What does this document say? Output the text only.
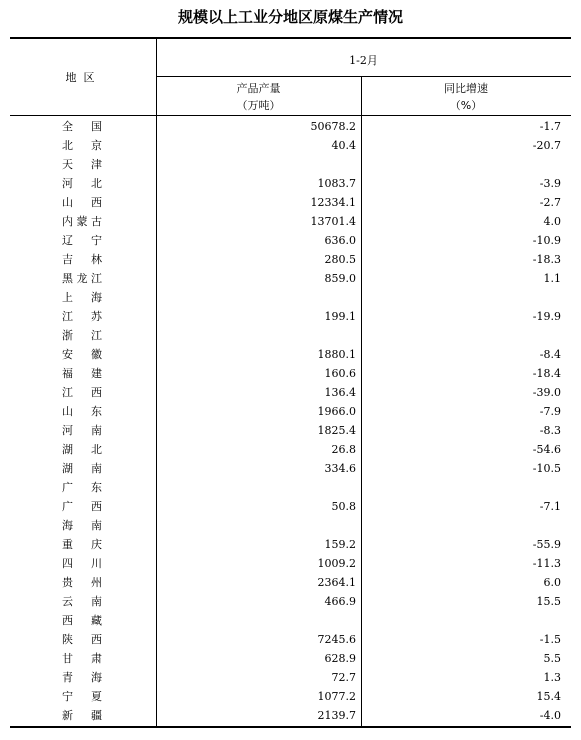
规模以上工业分地区原煤生产情况
地  区
1-2月
产品产量
（万吨）
同比增速
（%）
全 国	50678.2	-1.7
北 京	40.4	-20.7
天 津
河 北	1083.7	-3.9
山 西	12334.1	-2.7
内蒙古	13701.4	4.0
辽 宁	636.0	-10.9
吉 林	280.5	-18.3
黑龙江	859.0	1.1
上 海
江 苏	199.1	-19.9
浙 江
安 徽	1880.1	-8.4
福 建	160.6	-18.4
江 西	136.4	-39.0
山 东	1966.0	-7.9
河 南	1825.4	-8.3
湖 北	26.8	-54.6
湖 南	334.6	-10.5
广 东
广 西	50.8	-7.1
海 南
重 庆	159.2	-55.9
四 川	1009.2	-11.3
贵 州	2364.1	6.0
云 南	466.9	15.5
西 藏
陕 西	7245.6	-1.5
甘 肃	628.9	5.5
青 海	72.7	1.3
宁 夏	1077.2	15.4
新 疆	2139.7	-4.0
